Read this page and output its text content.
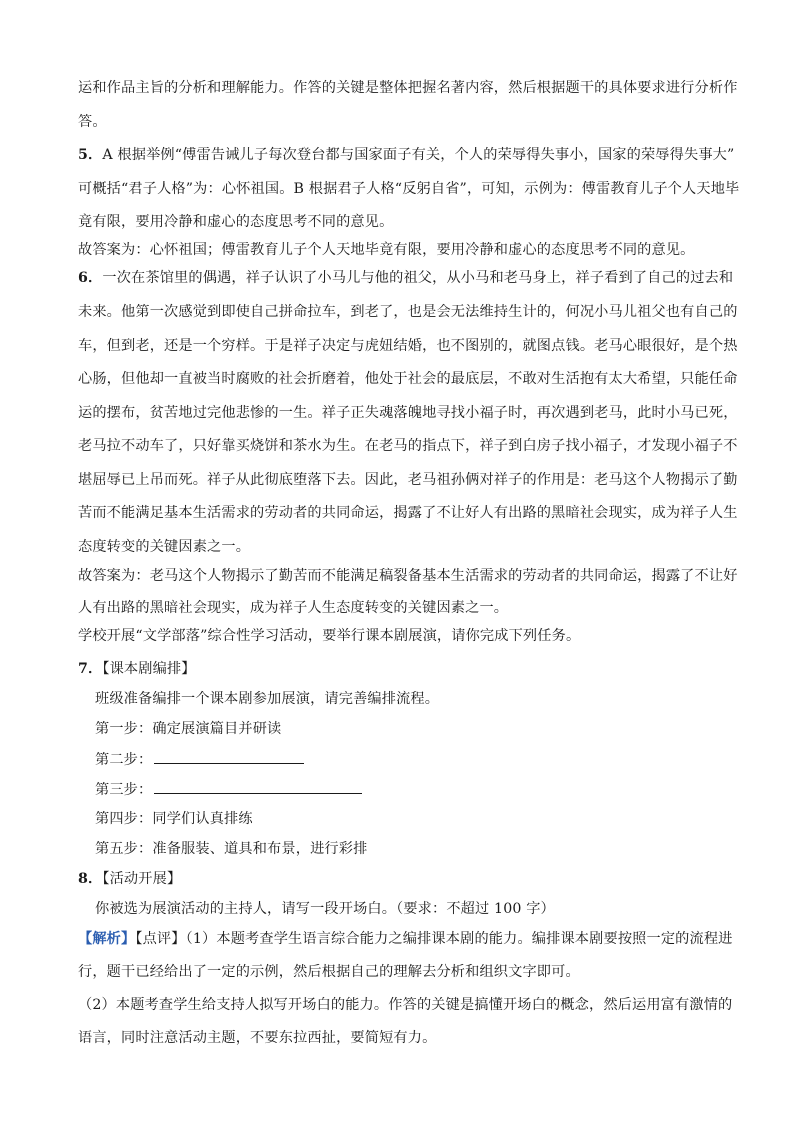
运和作品主旨的分析和理解能力。作答的关键是整体把握名著内容，然后根据题干的具体要求进行分析作
答。
5．A 根据举例“傅雷告诫儿子每次登台都与国家面子有关，个人的荣辱得失事小，国家的荣辱得失事大”
可概括“君子人格”为：心怀祖国。B 根据君子人格“反躬自省”，可知，示例为：傅雷教育儿子个人天地毕
竟有限，要用冷静和虚心的态度思考不同的意见。
故答案为：心怀祖国；傅雷教育儿子个人天地毕竟有限，要用冷静和虚心的态度思考不同的意见。
6．一次在茶馆里的偶遇，祥子认识了小马儿与他的祖父，从小马和老马身上，祥子看到了自己的过去和
未来。他第一次感觉到即使自己拼命拉车，到老了，也是会无法维持生计的，何况小马儿祖父也有自己的
车，但到老，还是一个穷样。于是祥子决定与虎妞结婚，也不图别的，就图点钱。老马心眼很好，是个热
心肠，但他却一直被当时腐败的社会折磨着，他处于社会的最底层，不敢对生活抱有太大希望，只能任命
运的摆布，贫苦地过完他悲惨的一生。祥子正失魂落魄地寻找小福子时，再次遇到老马，此时小马已死，
老马拉不动车了，只好靠买烧饼和茶水为生。在老马的指点下，祥子到白房子找小福子，才发现小福子不
堪屈辱已上吊而死。祥子从此彻底堕落下去。因此，老马祖孙俩对祥子的作用是：老马这个人物揭示了勤
苦而不能满足基本生活需求的劳动者的共同命运，揭露了不让好人有出路的黑暗社会现实，成为祥子人生
态度转变的关键因素之一。
故答案为：老马这个人物揭示了勤苦而不能满足稿裂备基本生活需求的劳动者的共同命运，揭露了不让好
人有出路的黑暗社会现实，成为祥子人生态度转变的关键因素之一。
学校开展“文学部落”综合性学习活动，要举行课本剧展演，请你完成下列任务。
7．【课本剧编排】
班级准备编排一个课本剧参加展演，请完善编排流程。
第一步：确定展演篇目并研读
第二步：
第三步：
第四步：同学们认真排练
第五步：准备服装、道具和布景，进行彩排
8．【活动开展】
你被选为展演活动的主持人，请写一段开场白。（要求：不超过 100 字）
【解析】【点评】（1）本题考查学生语言综合能力之编排课本剧的能力。编排课本剧要按照一定的流程进
行，题干已经给出了一定的示例，然后根据自己的理解去分析和组织文字即可。
（2）本题考查学生给支持人拟写开场白的能力。作答的关键是搞懂开场白的概念，然后运用富有激情的
语言，同时注意活动主题，不要东拉西扯，要简短有力。
